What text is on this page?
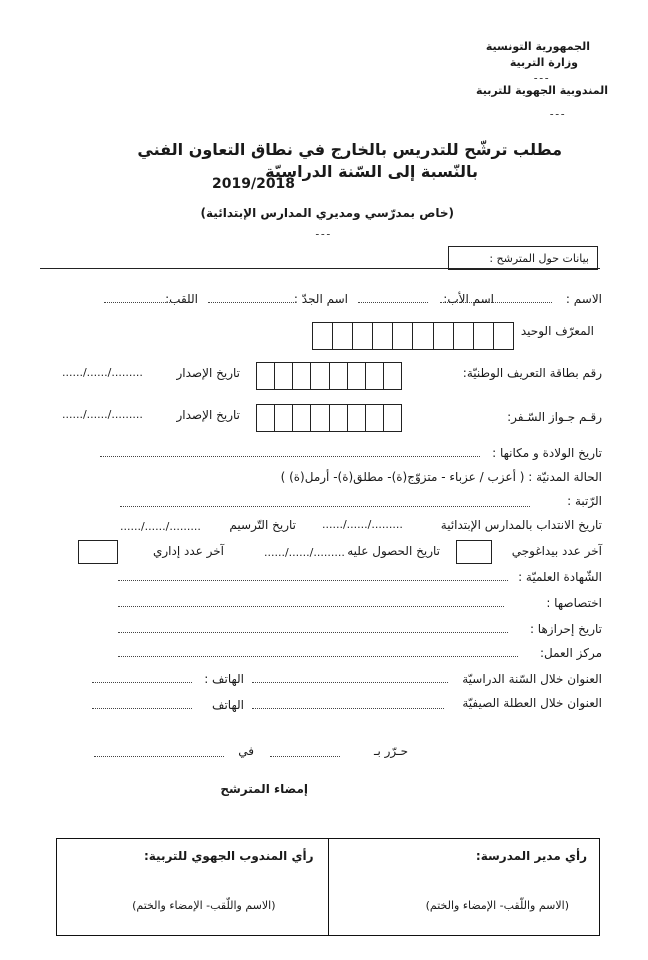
الجمهورية التونسية
وزارة التربية
ـ ـ ـ
المندوبية الجهوية للتربية
ـ ـ ـ
مطلب ترشّح للتدريس بالخارج في نطاق التعاون الفني
بالنّسبة إلى السّنة الدراسيّة
2019/2018
(خاص بمدرّسي ومديري المدارس الإبتدائية)
ـ ـ ـ
بيانات حول المترشح :
الاسم :
اسم الأب:
اسم الجدّ :
اللقب:
المعرّف الوحيد
رقم بطاقة التعريف الوطنيّة:
تاريخ الإصدار
....../....../.........
رقـم جـواز السّـفر:
تاريخ الإصدار
....../....../.........
تاريخ الولادة و مكانها :
الحالة المدنيّة : ( أعزب / عزباء - متزوّج(ة)- مطلق(ة)- أرمل(ة) )
الرّتبة :
تاريخ الانتداب بالمدارس الإبتدائية
....../....../.........
تاريخ التّرسيم
....../....../.........
آخر عدد بيداغوجي
تاريخ الحصول عليه
....../....../.........
آخر عدد إداري
الشّهادة العلميّة :
اختصاصها :
تاريخ إحرازها :
مركز العمل:
العنوان خلال السّنة الدراسيّة
الهاتف :
العنوان خلال العطلة الصيفيّة
الهاتف
حـرّر بـ
في
إمضاء المترشح
رأي المندوب الجهوي للتربية:
(الاسم واللّقب- الإمضاء والختم)
رأي مدير المدرسة:
(الاسم واللّقب- الإمضاء والختم)
